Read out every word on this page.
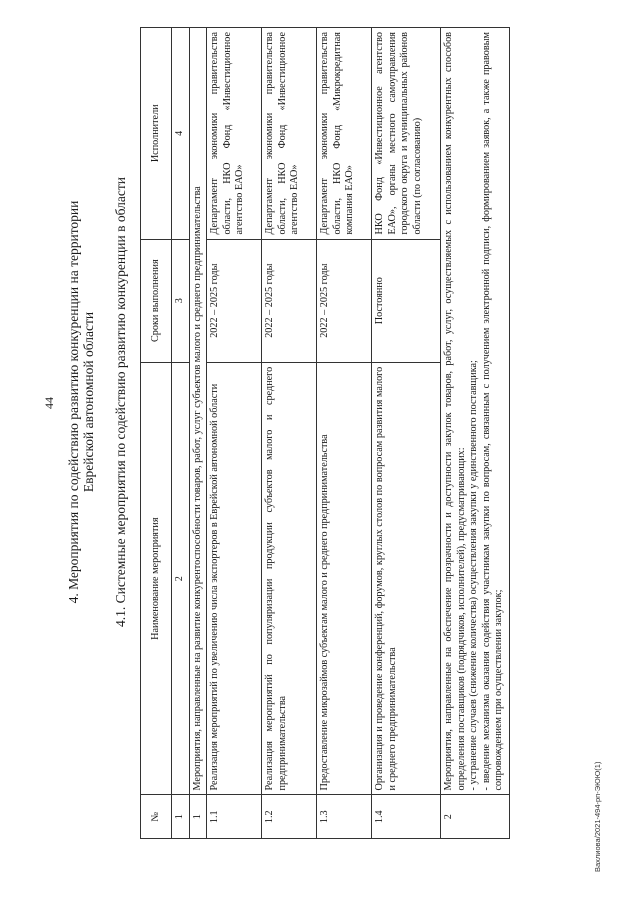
44 4. Мероприятия по содействию развитию конкуренции на территории Еврейской автономной области 4.1. Системные мероприятия по содействию развитию конкуренции в области
№	Наименование мероприятия	Сроки выполнения	Исполнители
1	2	3	4
1	Мероприятия, направленные на развитие конкурентоспособности товаров, работ, услуг субъектов малого и среднего предпринимательства		
1.1	Реализация мероприятий по увеличению числа экспортеров в Еврейской автономной области	2022 – 2025 годы	Департамент экономики правительства области, НКО Фонд «Инвестиционное агентство ЕАО»
1.2	Реализация мероприятий по популяризации продукции субъектов малого и среднего предпринимательства	2022 – 2025 годы	Департамент экономики правительства области, НКО Фонд «Инвестиционное агентство ЕАО»
1.3	Предоставление микрозаймов субъектам малого и среднего предпринимательства	2022 – 2025 годы	Департамент экономики правительства области, НКО Фонд «Микрокредитная компания ЕАО»
1.4	Организация и проведение конференций, форумов, круглых столов по вопросам развития малого и среднего предпринимательства	Постоянно	НКО Фонд «Инвестиционное агентство ЕАО», органы местного самоуправления городского округа и муниципальных районов области (по согласованию)
2	Мероприятия, направленные на обеспечение прозрачности и доступности закупок товаров, работ, услуг, осуществляемых с использованием конкурентных способов определения поставщиков (подрядчиков, исполнителей), предусматривающих: - устранение случаев (снижение количества) осуществления закупки у единственного поставщика; - введение механизма оказания содействия участникам закупки по вопросам, связанным с получением электронной подписи, формированием заявок, а также правовым сопровождением при осуществлении закупок;		
Вахлиова/2021-494-рп-ЭЮЮ(1)
